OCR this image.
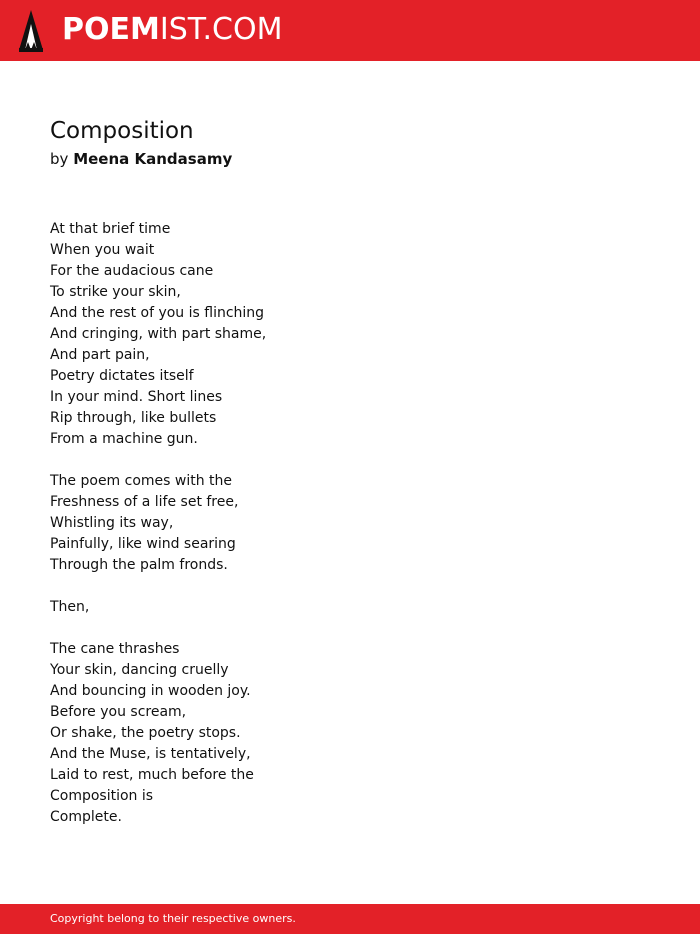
POEMIST.COM
Composition
by Meena Kandasamy
At that brief time
When you wait
For the audacious cane
To strike your skin,
And the rest of you is flinching
And cringing, with part shame,
And part pain,
Poetry dictates itself
In your mind. Short lines
Rip through, like bullets
From a machine gun.
The poem comes with the
Freshness of a life set free,
Whistling its way,
Painfully, like wind searing
Through the palm fronds.
Then,
The cane thrashes
Your skin, dancing cruelly
And bouncing in wooden joy.
Before you scream,
Or shake, the poetry stops.
And the Muse, is tentatively,
Laid to rest, much before the
Composition is
Complete.
Copyright belong to their respective owners.
